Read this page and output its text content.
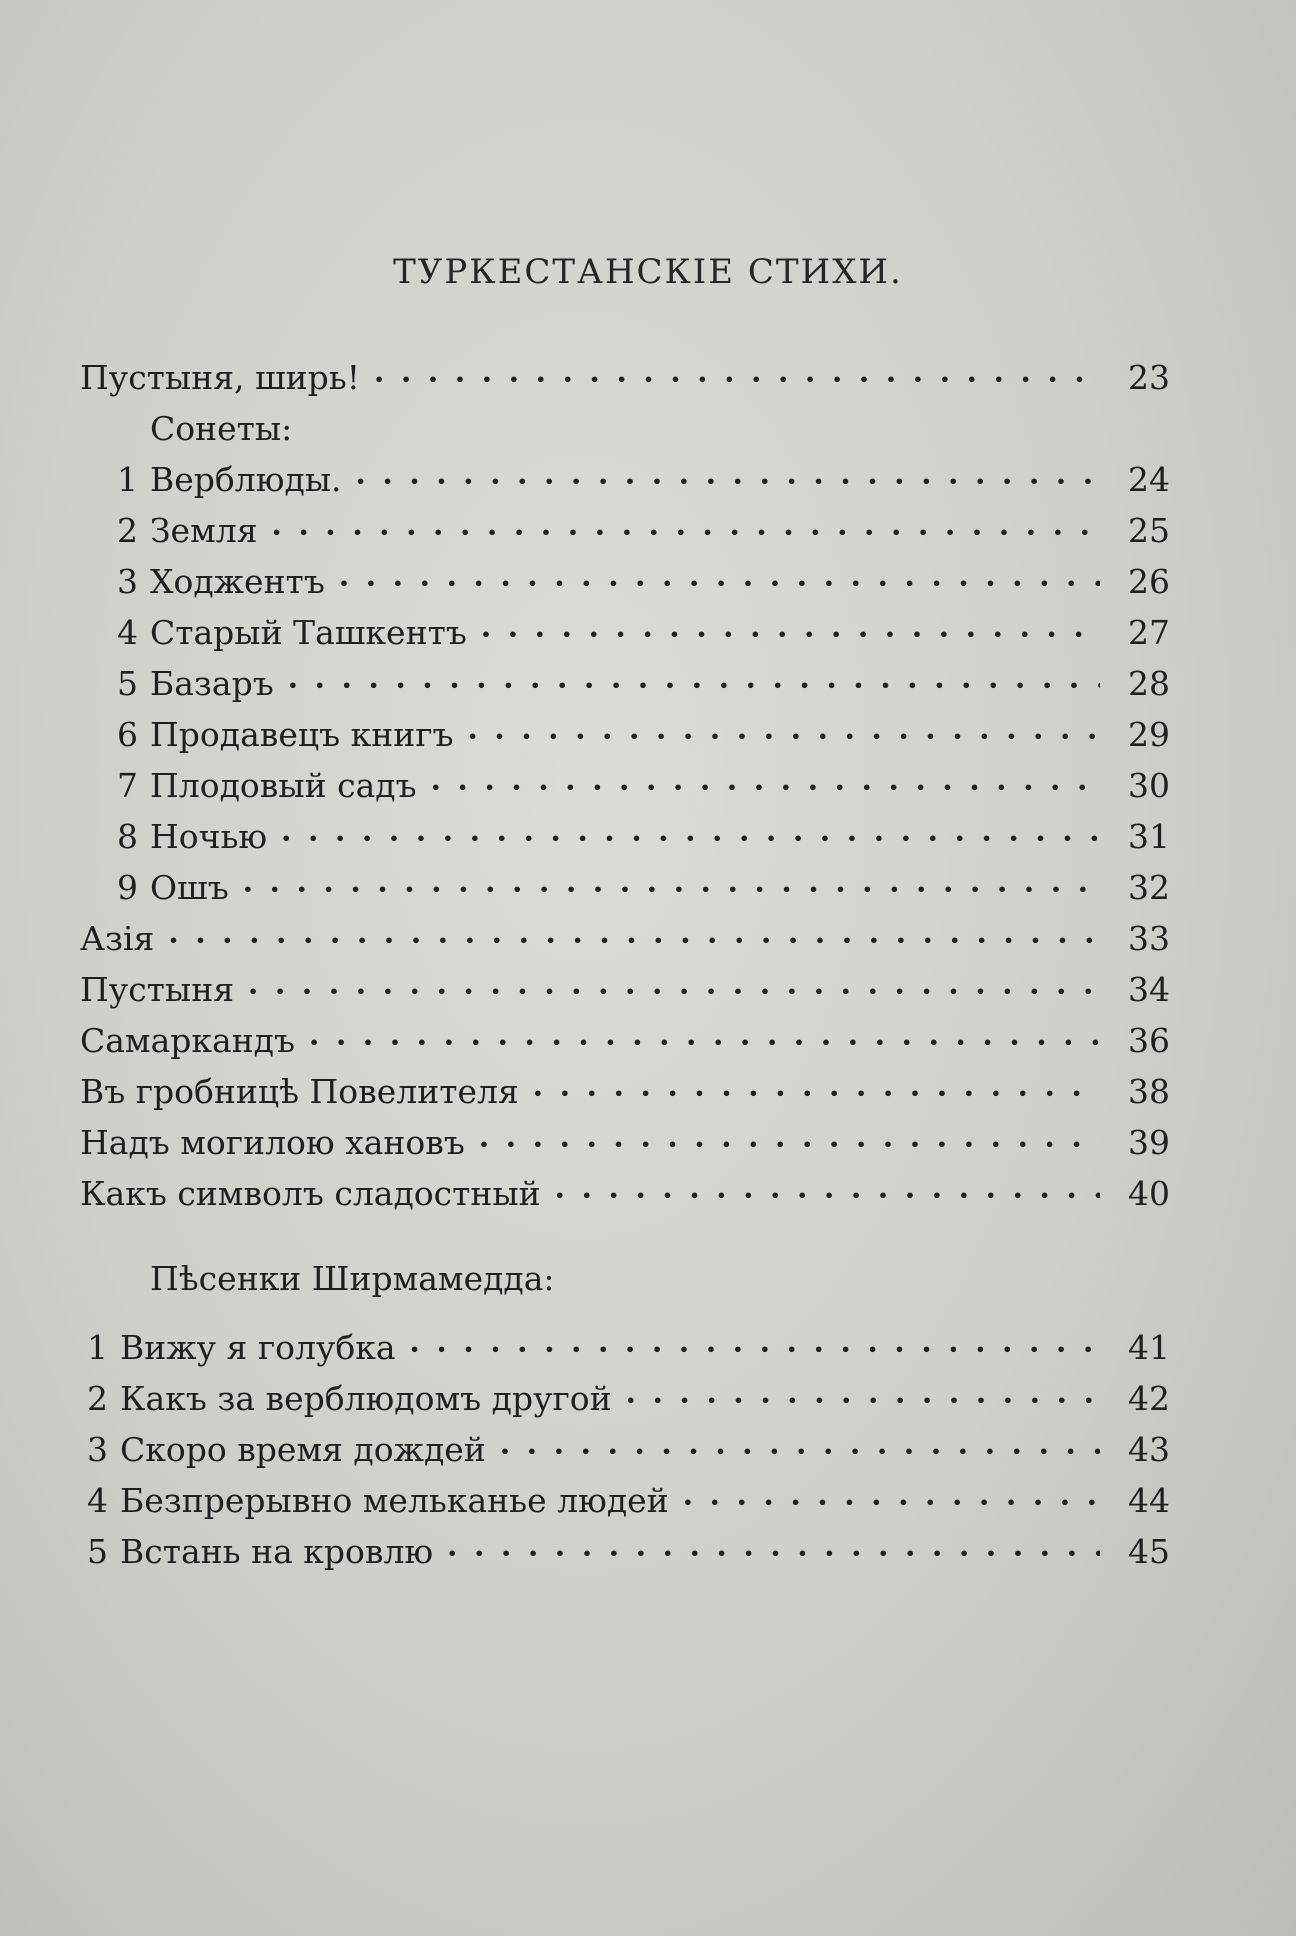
ТУРКЕСТАНСКІЕ СТИХИ.
Пустыня, ширь! • •	23
Сонеты:
1 Верблюды. • •	24
2 Земля • •	25
3 Ходжентъ • •	26
4 Старый Ташкентъ • •	27
5 Базаръ • •	28
6 Продавецъ книгъ • •	29
7 Плодовый садъ • •	30
8 Ночью • •	31
9 Ошъ • •	32
Азія • •	33
Пустыня • •	34
Самаркандъ • •	36
Въ гробницѣ Повелителя • •	38
Надъ могилою хановъ • •	39
Какъ символъ сладостный • •	40
Пѣсенки Ширмамедда:
1 Вижу я голубка • •	41
2 Какъ за верблюдомъ другой • •	42
3 Скоро время дождей • •	43
4 Безпрерывно мельканье людей • •	44
5 Встань на кровлю • •	45
